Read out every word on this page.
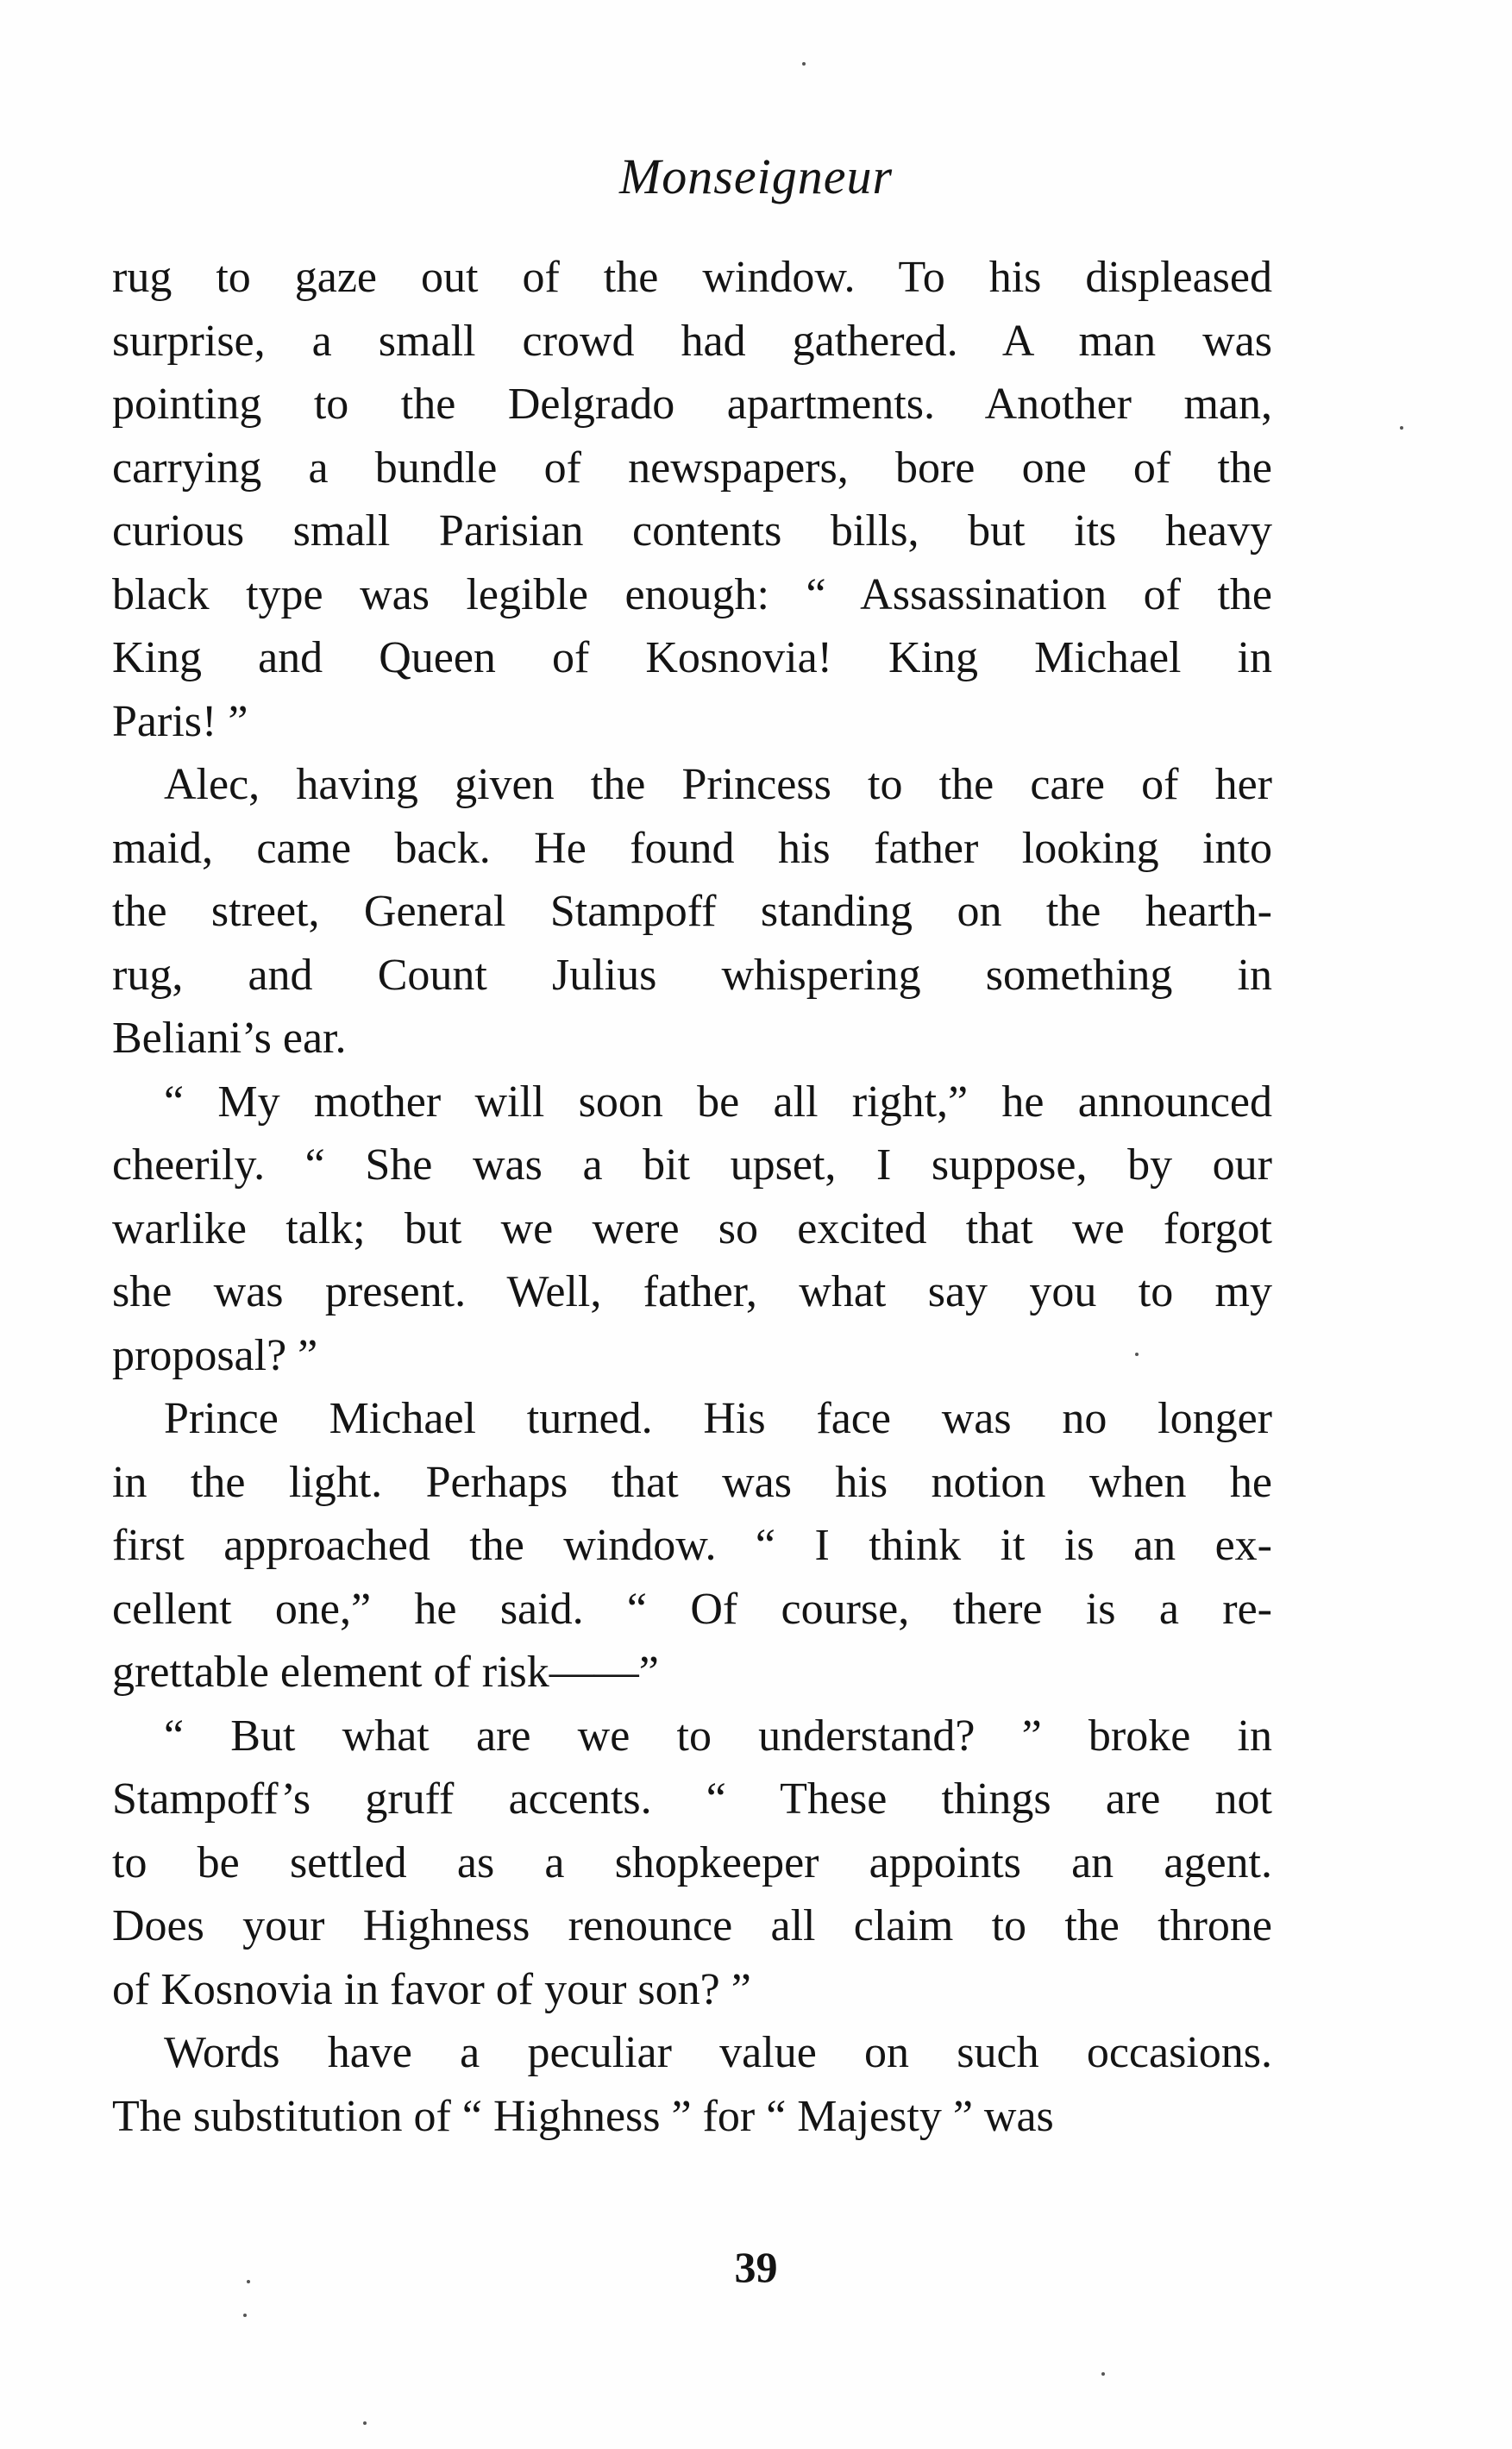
Monseigneur
rug to gaze out of the window. To his displeased
surprise, a small crowd had gathered. A man was
pointing to the Delgrado apartments. Another man,
carrying a bundle of newspapers, bore one of the
curious small Parisian contents bills, but its heavy
black type was legible enough: “ Assassination of the
King and Queen of Kosnovia! King Michael in
Paris! ”
Alec, having given the Princess to the care of her
maid, came back. He found his father looking into
the street, General Stampoff standing on the hearth-
rug, and Count Julius whispering something in
Beliani’s ear.
“ My mother will soon be all right,” he announced
cheerily. “ She was a bit upset, I suppose, by our
warlike talk; but we were so excited that we forgot
she was present. Well, father, what say you to my
proposal? ”
Prince Michael turned. His face was no longer
in the light. Perhaps that was his notion when he
first approached the window. “ I think it is an ex-
cellent one,” he said. “ Of course, there is a re-
grettable element of risk——”
“ But what are we to understand? ” broke in
Stampoff’s gruff accents. “ These things are not
to be settled as a shopkeeper appoints an agent.
Does your Highness renounce all claim to the throne
of Kosnovia in favor of your son? ”
Words have a peculiar value on such occasions.
The substitution of “ Highness ” for “ Majesty ” was
39
